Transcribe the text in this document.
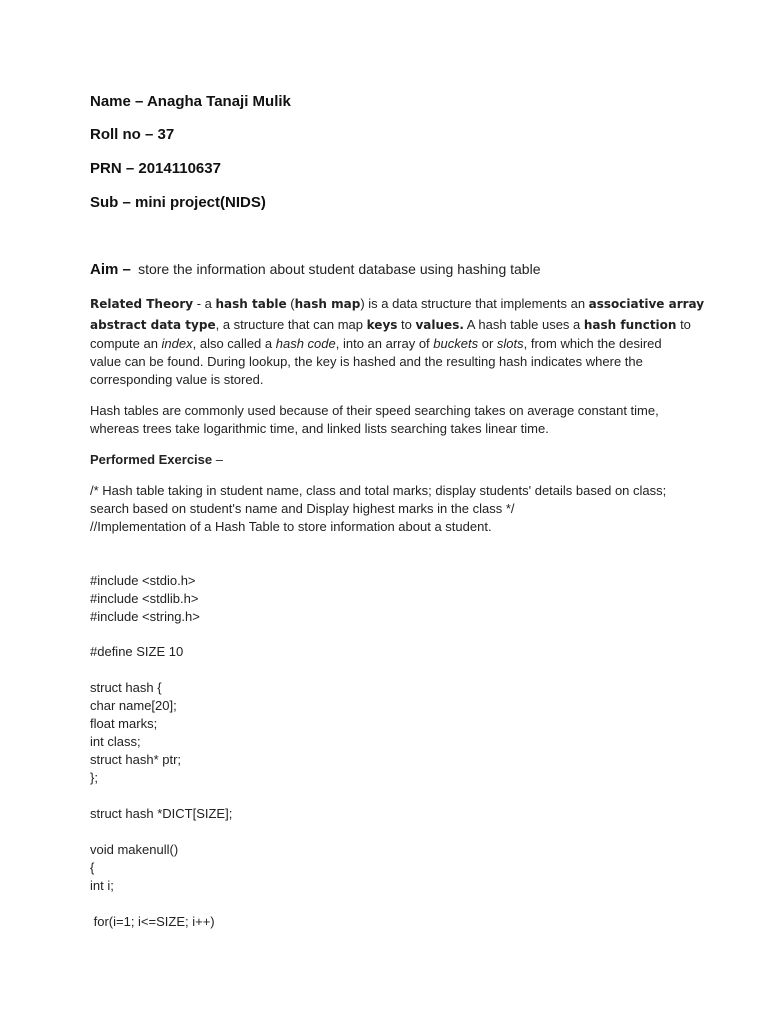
Name – Anagha Tanaji Mulik
Roll no – 37
PRN – 2014110637
Sub – mini project(NIDS)
Aim – store the information about student database using hashing table
Related Theory - a hash table (hash map) is a data structure that implements an associative array
abstract data type, a structure that can map keys to values. A hash table uses a hash function to
compute an index, also called a hash code, into an array of buckets or slots, from which the desired
value can be found. During lookup, the key is hashed and the resulting hash indicates where the
corresponding value is stored.
Hash tables are commonly used because of their speed searching takes on average constant time,
whereas trees take logarithmic time, and linked lists searching takes linear time.
Performed Exercise –
/* Hash table taking in student name, class and total marks; display students' details based on class;
search based on student's name and Display highest marks in the class */
//Implementation of a Hash Table to store information about a student.
#include <stdio.h>
#include <stdlib.h>
#include <string.h>
#define SIZE 10
struct hash {
char name[20];
float marks;
int class;
struct hash* ptr;
};
struct hash *DICT[SIZE];
void makenull()
{
int i;
for(i=1; i<=SIZE; i++)
